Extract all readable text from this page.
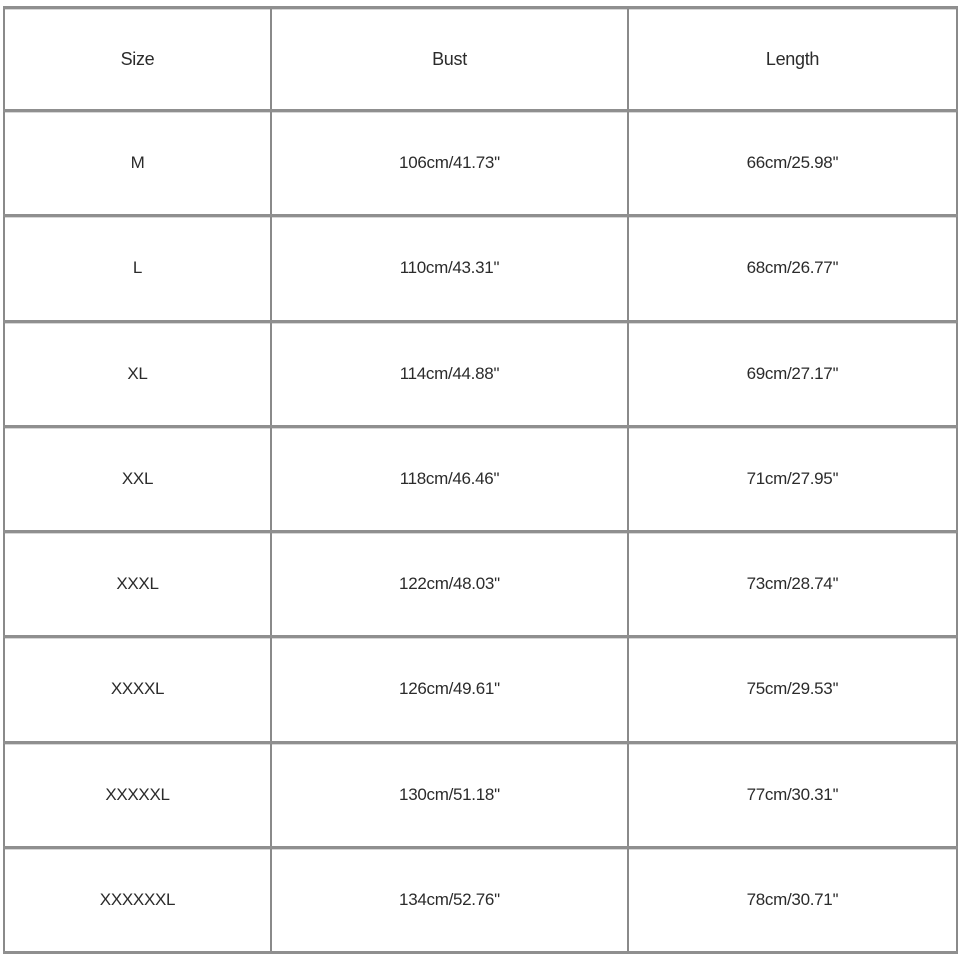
Size	Bust	Length
M	106cm/41.73''	66cm/25.98''
L	110cm/43.31''	68cm/26.77''
XL	114cm/44.88''	69cm/27.17''
XXL	118cm/46.46''	71cm/27.95''
XXXL	122cm/48.03''	73cm/28.74''
XXXXL	126cm/49.61''	75cm/29.53''
XXXXXL	130cm/51.18''	77cm/30.31''
XXXXXXL	134cm/52.76''	78cm/30.71''
